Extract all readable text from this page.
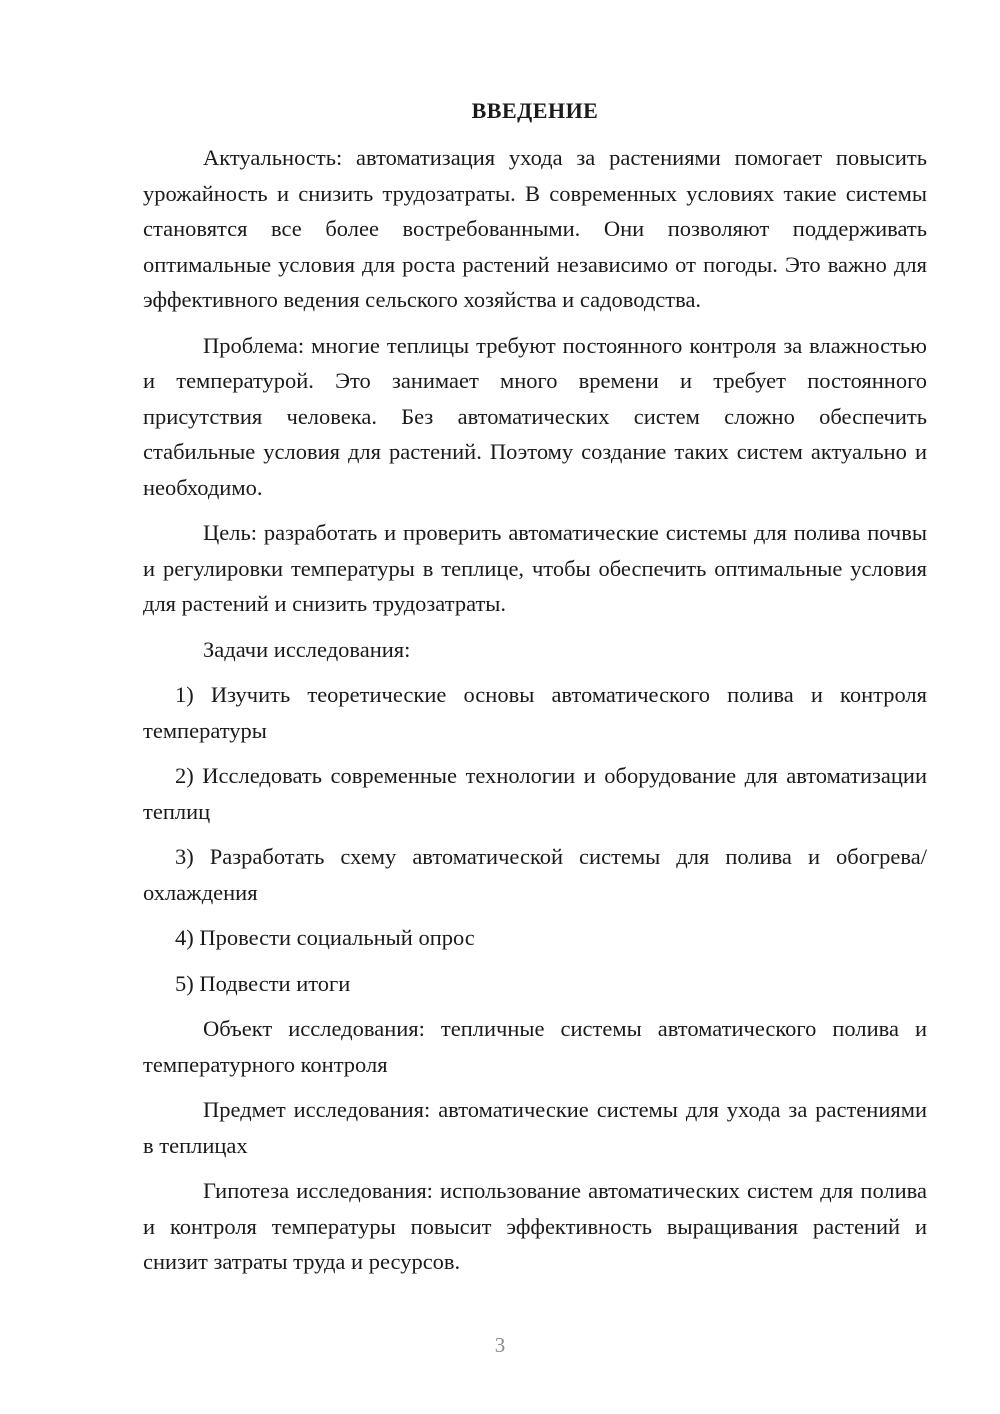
ВВЕДЕНИЕ

Актуальность: автоматизация ухода за растениями помогает повысить урожайность и снизить трудозатраты. В современных условиях такие системы становятся все более востребованными. Они позволяют поддерживать оптимальные условия для роста растений независимо от погоды. Это важно для эффективного ведения сельского хозяйства и садоводства.

Проблема: многие теплицы требуют постоянного контроля за влажностью и температурой. Это занимает много времени и требует постоянного присутствия человека. Без автоматических систем сложно обеспечить стабильные условия для растений. Поэтому создание таких систем актуально и необходимо.

Цель: разработать и проверить автоматические системы для полива почвы и регулировки температуры в теплице, чтобы обеспечить оптимальные условия для растений и снизить трудозатраты.

Задачи исследования:

1) Изучить теоретические основы автоматического полива и контроля температуры

2) Исследовать современные технологии и оборудование для автоматизации теплиц

3) Разработать схему автоматической системы для полива и обогрева/охлаждения

4) Провести социальный опрос

5) Подвести итоги

Объект исследования: тепличные системы автоматического полива и температурного контроля

Предмет исследования: автоматические системы для ухода за растениями в теплицах

Гипотеза исследования: использование автоматических систем для полива и контроля температуры повысит эффективность выращивания растений и снизит затраты труда и ресурсов.

3
